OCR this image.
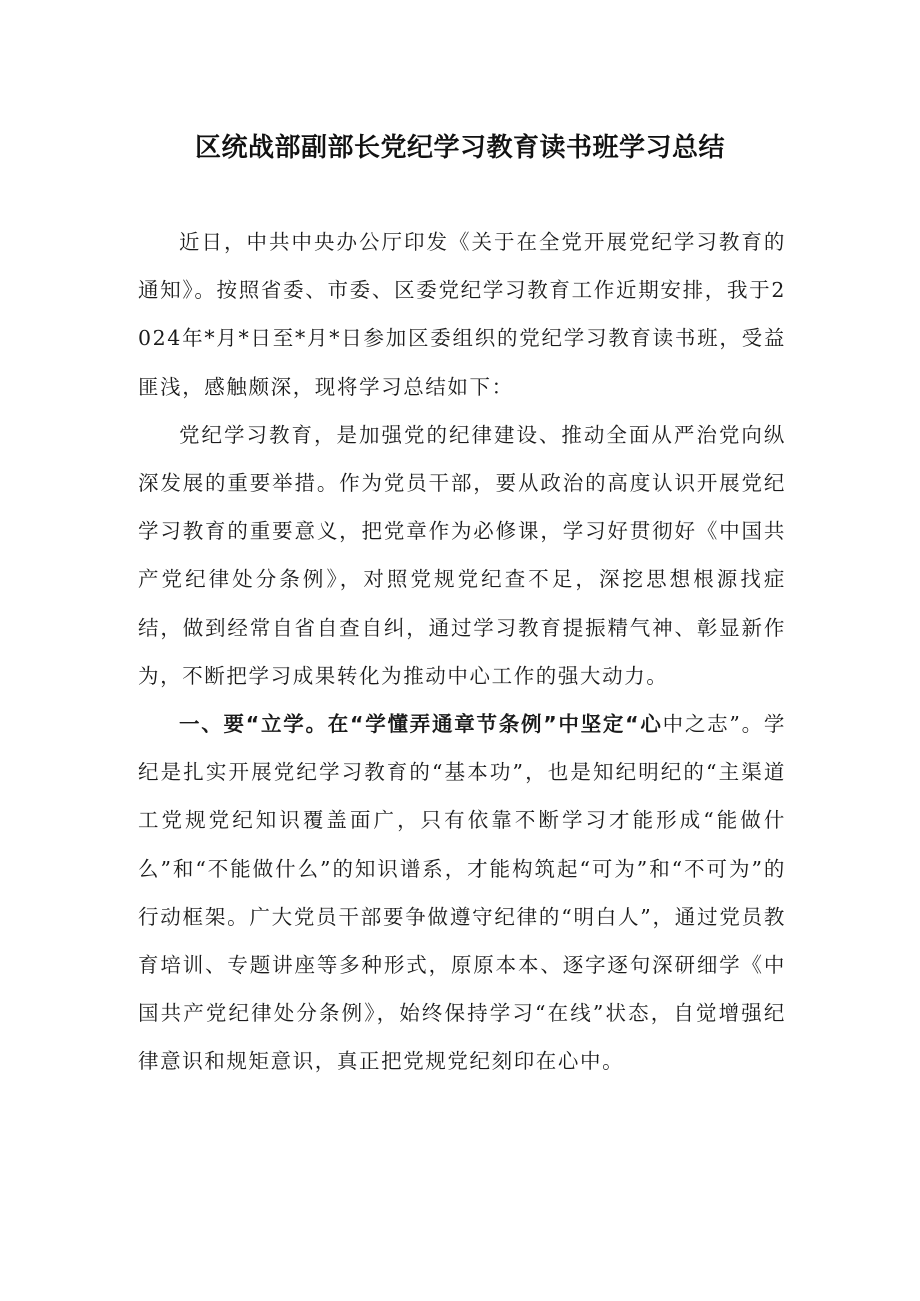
区统战部副部长党纪学习教育读书班学习总结

近日，中共中央办公厅印发《关于在全党开展党纪学习教育的通知》。按照省委、市委、区委党纪学习教育工作近期安排，我于2024年*月*日至*月*日参加区委组织的党纪学习教育读书班，受益匪浅，感触颇深，现将学习总结如下：

党纪学习教育，是加强党的纪律建设、推动全面从严治党向纵深发展的重要举措。作为党员干部，要从政治的高度认识开展党纪学习教育的重要意义，把党章作为必修课，学习好贯彻好《中国共产党纪律处分条例》，对照党规党纪查不足，深挖思想根源找症结，做到经常自省自查自纠，通过学习教育提振精气神、彰显新作为，不断把学习成果转化为推动中心工作的强大动力。

一、要“立学。在“学懂弄通章节条例”中坚定“心中之志”。学纪是扎实开展党纪学习教育的“基本功”，也是知纪明纪的“主渠道工党规党纪知识覆盖面广，只有依靠不断学习才能形成“能做什么”和“不能做什么”的知识谱系，才能构筑起“可为”和“不可为”的行动框架。广大党员干部要争做遵守纪律的“明白人”，通过党员教育培训、专题讲座等多种形式，原原本本、逐字逐句深研细学《中国共产党纪律处分条例》，始终保持学习“在线”状态，自觉增强纪律意识和规矩意识，真正把党规党纪刻印在心中。
